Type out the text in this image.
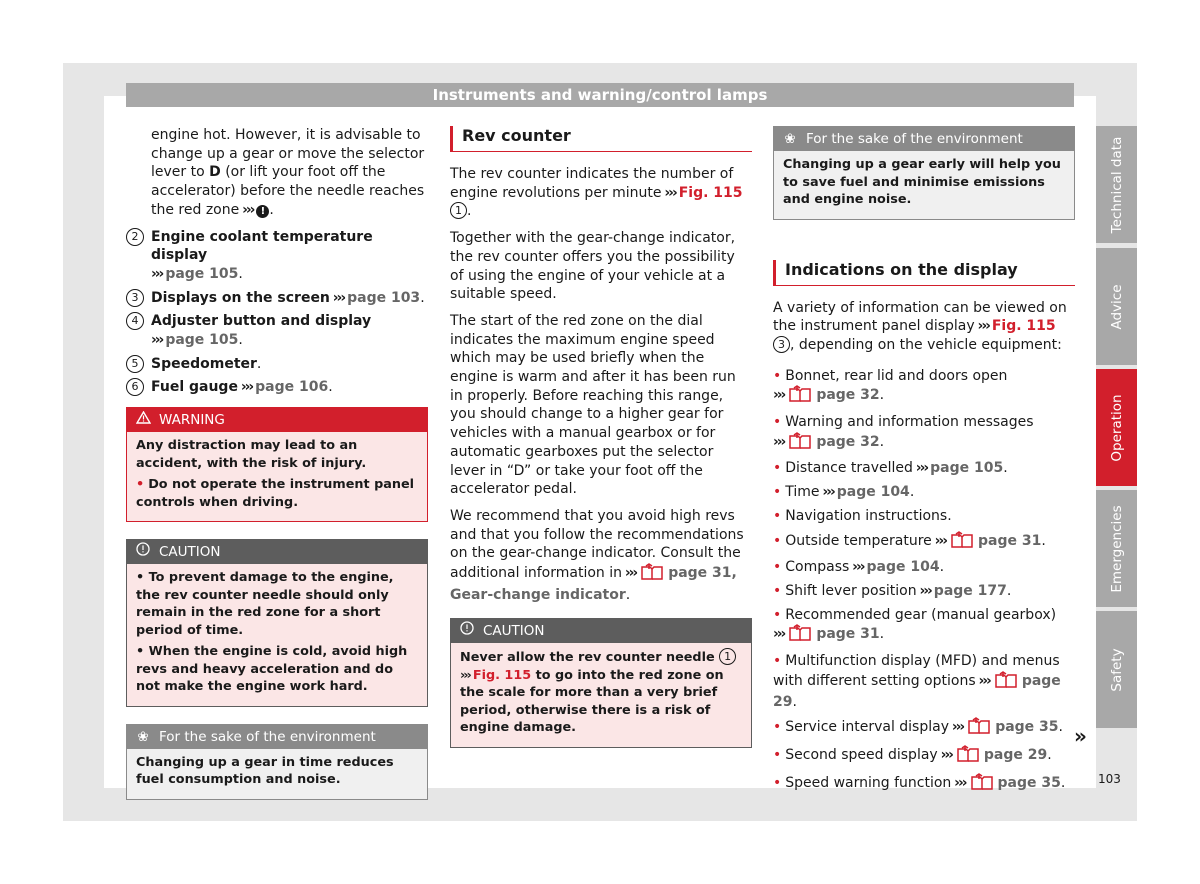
Instruments and warning/control lamps
engine hot. However, it is advisable to change up a gear or move the selector lever to D (or lift your foot off the accelerator) before the needle reaches the red zone ››› ! .
2 Engine coolant temperature display
››› page 105.
3 Displays on the screen ››› page 103.
4 Adjuster button and display
››› page 105.
5 Speedometer.
6 Fuel gauge ››› page 106.
WARNING

Any distraction may lead to an accident, with the risk of injury.

• Do not operate the instrument panel controls when driving.

CAUTION

• To prevent damage to the engine, the rev counter needle should only remain in the red zone for a short period of time.

• When the engine is cold, avoid high revs and heavy acceleration and do not make the engine work hard.

❀ For the sake of the environment

Changing up a gear in time reduces fuel consumption and noise.

Rev counter
The rev counter indicates the number of engine revolutions per minute ››› Fig. 115 1 .
Together with the gear-change indicator, the rev counter offers you the possibility of using the engine of your vehicle at a suitable speed.
The start of the red zone on the dial indicates the maximum engine speed which may be used briefly when the engine is warm and after it has been run in properly. Before reaching this range, you should change to a higher gear for vehicles with a manual gearbox or for automatic gearboxes put the selector lever in “D” or take your foot off the accelerator pedal.
We recommend that you avoid high revs and that you follow the recommendations on the gear-change indicator. Consult the additional information in ››› page 31, Gear-change indicator.
CAUTION

Never allow the rev counter needle 1
››› Fig. 115 to go into the red zone on the scale for more than a very brief period, otherwise there is a risk of engine damage.

❀ For the sake of the environment

Changing up a gear early will help you to save fuel and minimise emissions and engine noise.

Indications on the display
A variety of information can be viewed on the instrument panel display ››› Fig. 115 3 , depending on the vehicle equipment:
• Bonnet, rear lid and doors open
››› page 32.
• Warning and information messages
››› page 32.
• Distance travelled ››› page 105.
• Time ››› page 104.
• Navigation instructions.
• Outside temperature ››› page 31.
• Compass ››› page 104.
• Shift lever position ››› page 177.
• Recommended gear (manual gearbox)
››› page 31.
• Multifunction display (MFD) and menus with different setting options ››› page 29.
• Service interval display ››› page 35.
• Second speed display ››› page 29.
• Speed warning function ››› page 35.
»
Technical data
Advice
Operation
Emergencies
Safety
103
